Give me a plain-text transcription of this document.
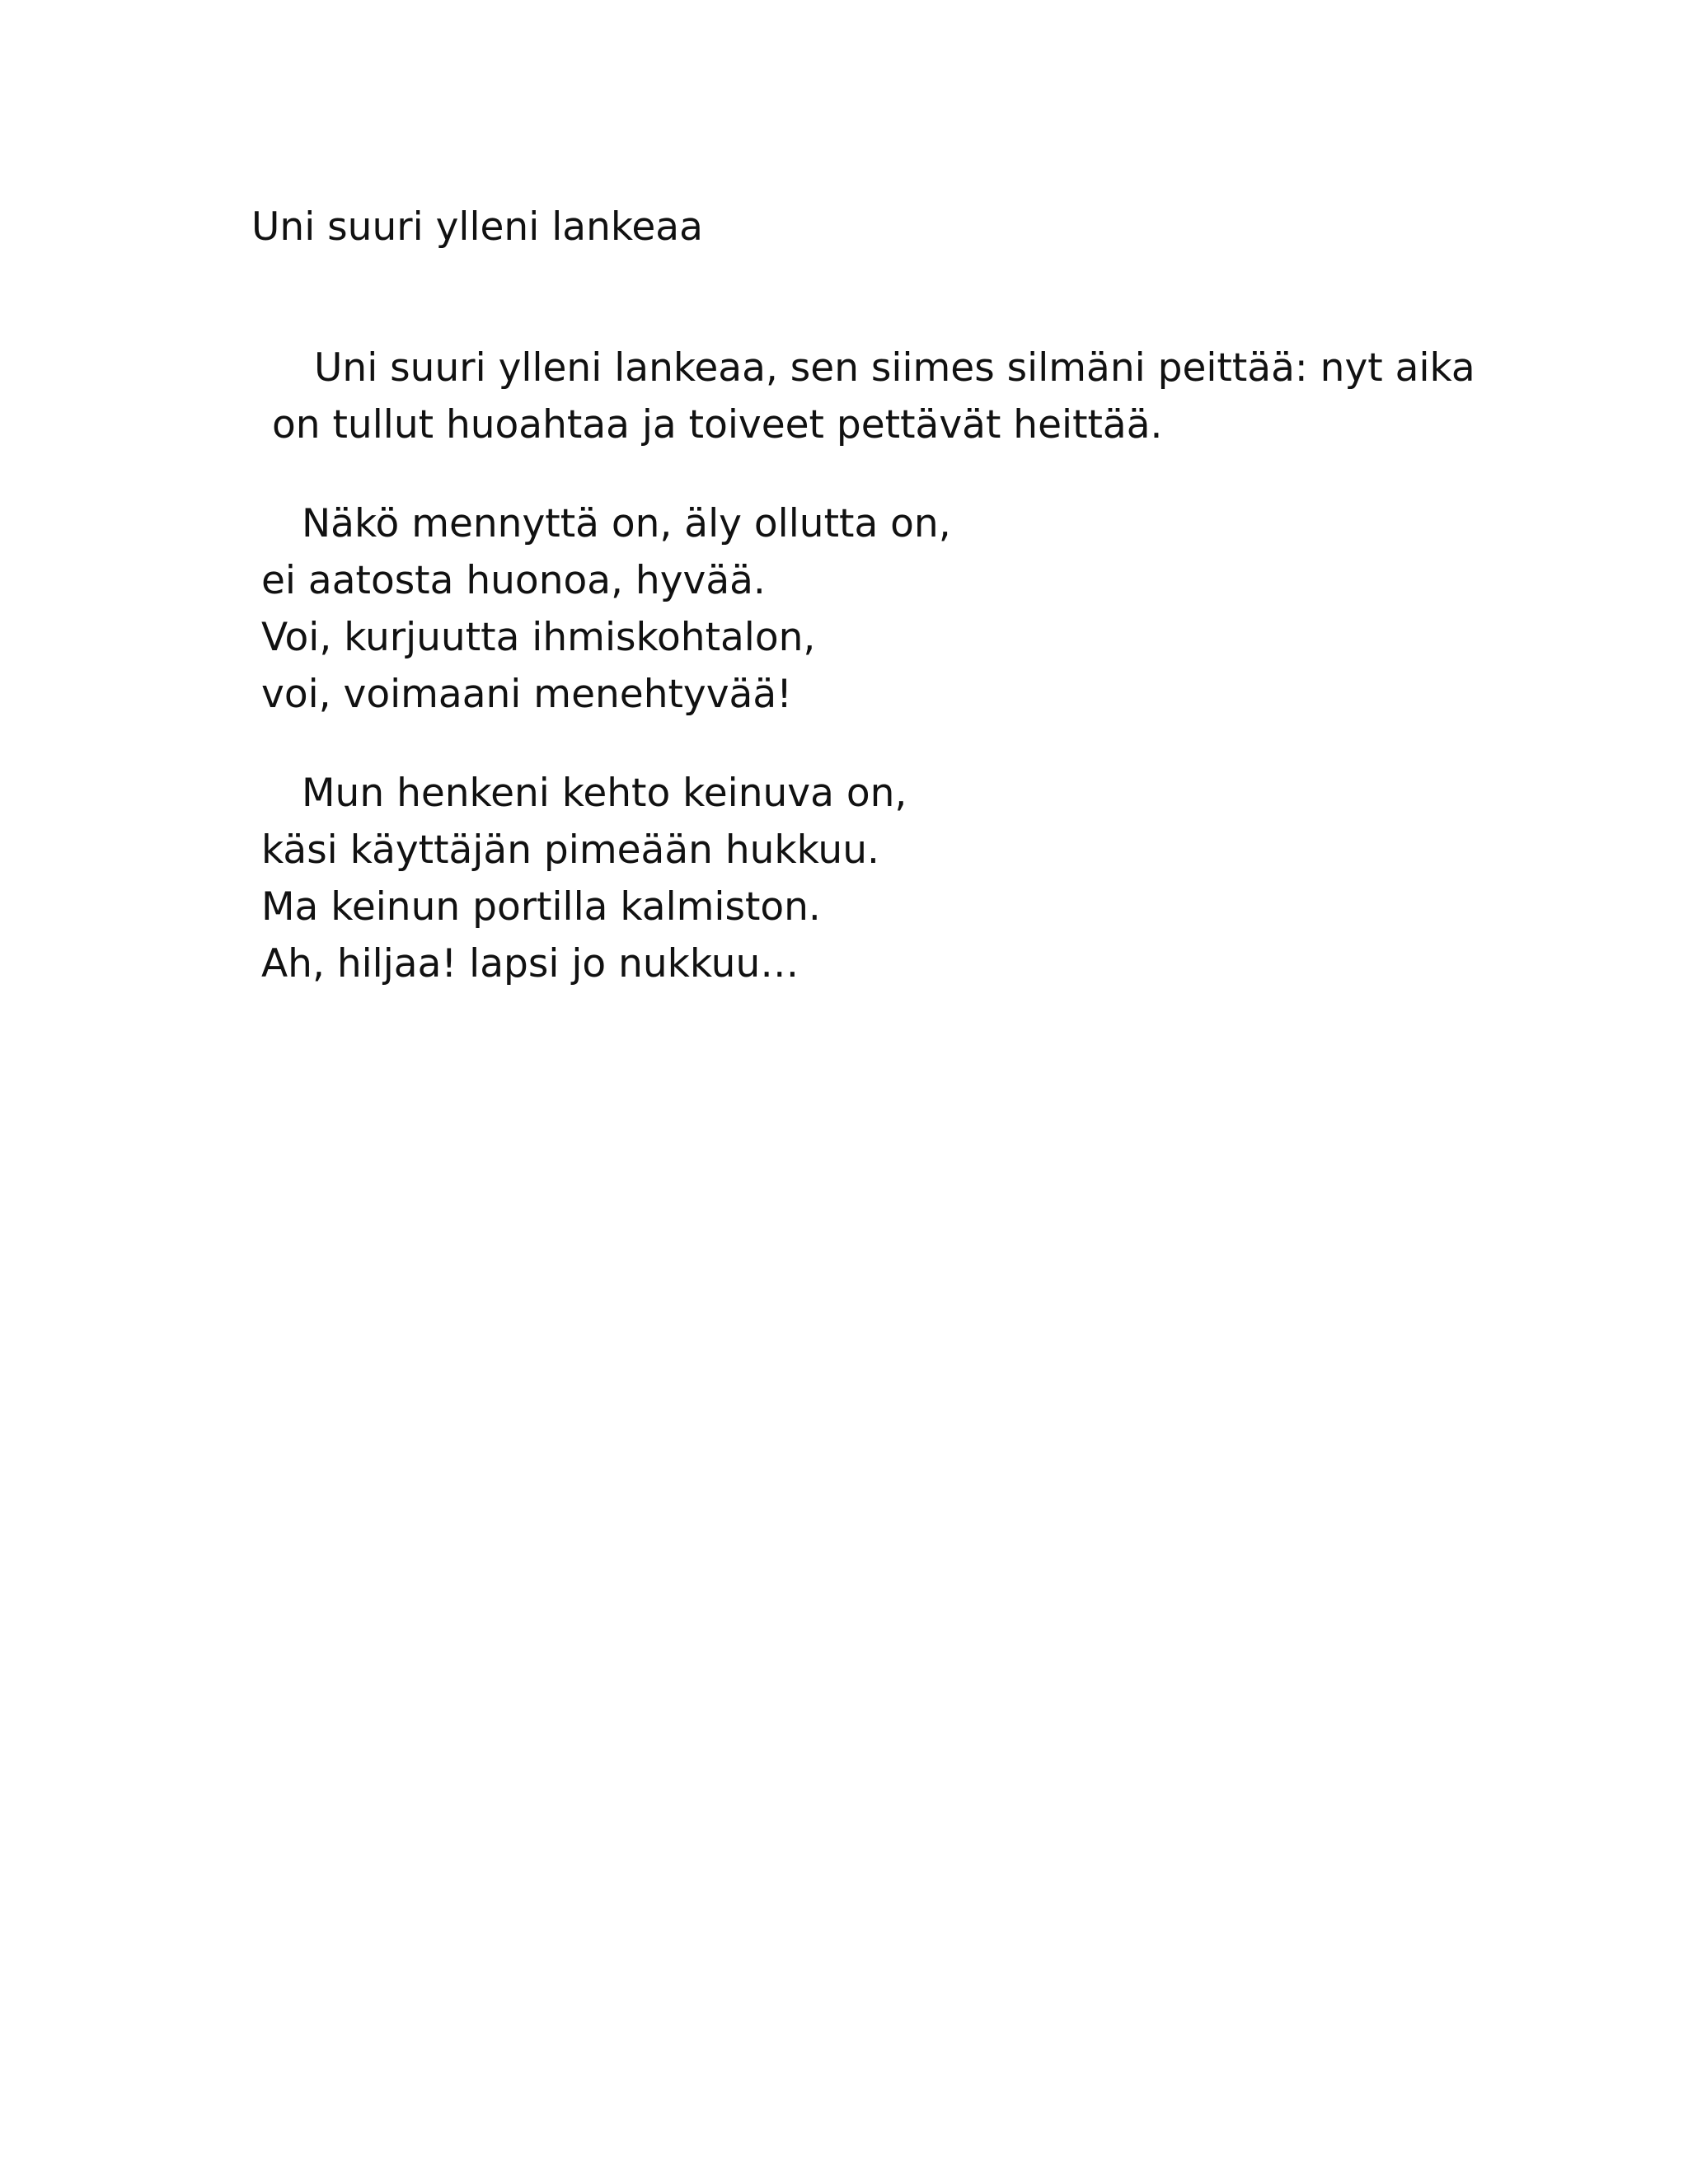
Uni suuri ylleni lankeaa
Uni suuri ylleni lankeaa, sen siimes silmäni peittää: nyt aika
on tullut huoahtaa ja toiveet pettävät heittää.
Näkö mennyttä on, äly ollutta on,
ei aatosta huonoa, hyvää.
Voi, kurjuutta ihmiskohtalon,
voi, voimaani menehtyvää!
Mun henkeni kehto keinuva on,
käsi käyttäjän pimeään hukkuu.
Ma keinun portilla kalmiston.
Ah, hiljaa! lapsi jo nukkuu…
